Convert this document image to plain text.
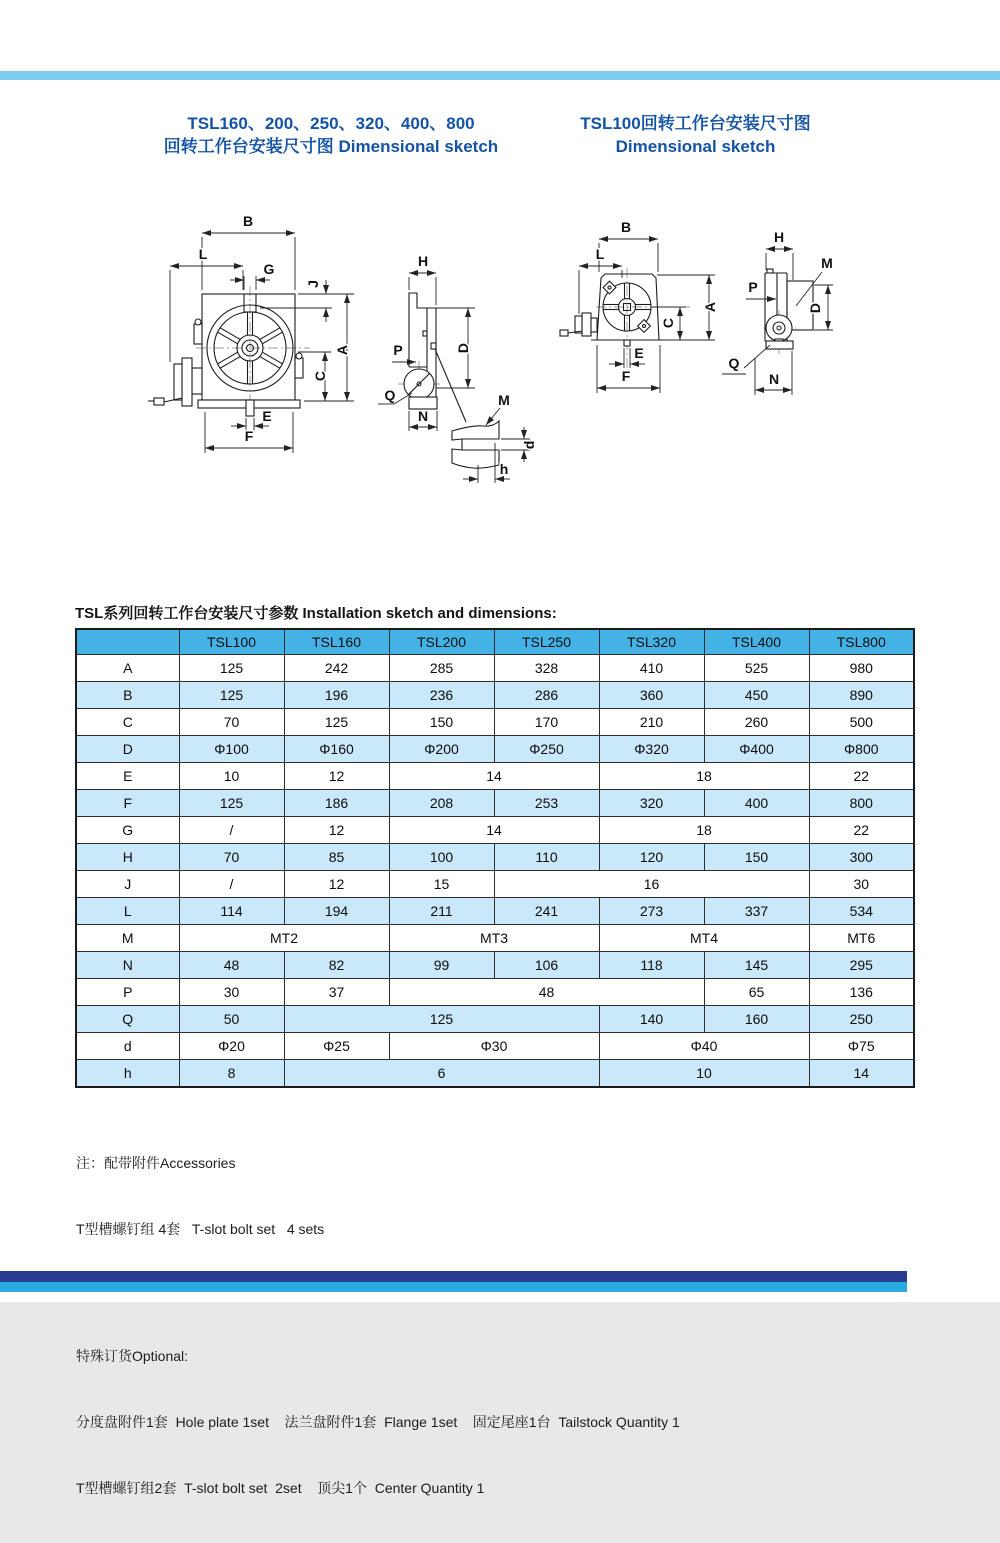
TSL160、200、250、320、400、800
回转工作台安装尺寸图 Dimensional sketch
TSL100回转工作台安装尺寸图
Dimensional sketch
B
L
G
J
A
C
E
F
H
D
P
Q
N
M
d
h
B
L
A
C
E
F
H
M
P
D
Q
N
TSL系列回转工作台安装尺寸参数 Installation sketch and dimensions:
	TSL100	TSL160	TSL200	TSL250	TSL320	TSL400	TSL800
A	125	242	285	328	410	525	980
B	125	196	236	286	360	450	890
C	70	125	150	170	210	260	500
D	Φ100	Φ160	Φ200	Φ250	Φ320	Φ400	Φ800
E	10	12	14		18		22
F	125	186	208	253	320	400	800
G	/	12	14		18		22
H	70	85	100	110	120	150	300
J	/	12	15	16			30
L	114	194	211	241	273	337	534
M	MT2		MT3		MT4		MT6
N	48	82	99	106	118	145	295
P	30	37	48			65	136
Q	50	125			140	160	250
d	Φ20	Φ25	Φ30		Φ40		Φ75
h	8	6			10		14

注：配带附件Accessories

T型槽螺钉组 4套   T-slot bolt set   4 sets

特殊订货Optional:

分度盘附件1套  Hole plate 1set    法兰盘附件1套  Flange 1set    固定尾座1台  Tailstock Quantity 1

T型槽螺钉组2套  T-slot bolt set  2set    顶尖1个  Center Quantity 1
